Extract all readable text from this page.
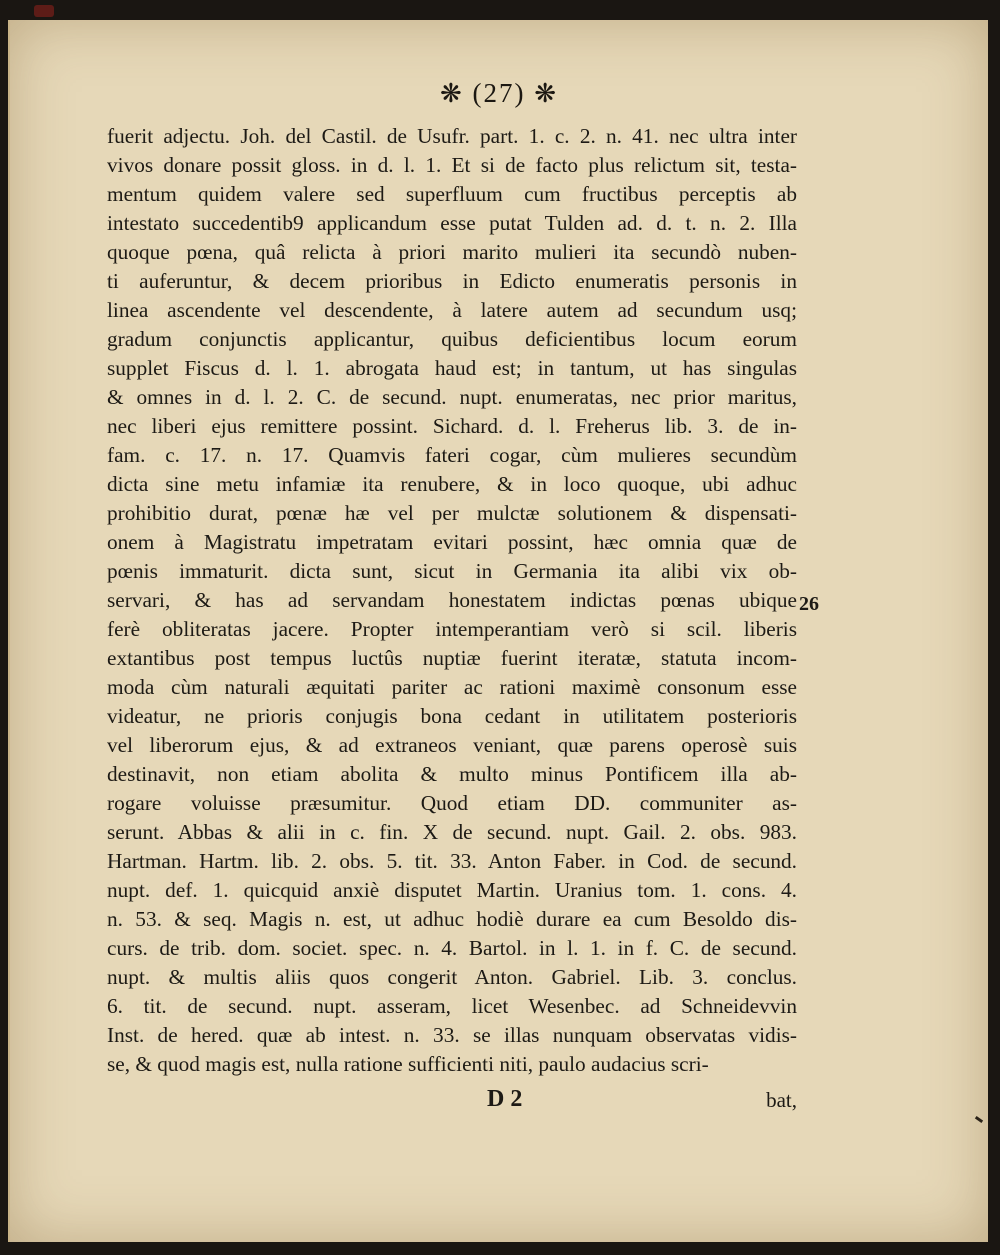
❋ (27) ❋
fuerit adjectu. Joh. del Castil. de Usufr. part. 1. c. 2. n. 41. nec ultra inter
vivos donare possit gloss. in d. l. 1. Et si de facto plus relictum sit, testa-
mentum quidem valere sed superfluum cum fructibus perceptis ab
intestato succedentib9 applicandum esse putat Tulden ad. d. t. n. 2. Illa
quoque pœna, quâ relicta à priori marito mulieri ita secundò nuben-
ti auferuntur, & decem prioribus in Edicto enumeratis personis in
linea ascendente vel descendente, à latere autem ad secundum usq;
gradum conjunctis applicantur, quibus deficientibus locum eorum
supplet Fiscus d. l. 1. abrogata haud est; in tantum, ut has singulas
& omnes in d. l. 2. C. de secund. nupt. enumeratas, nec prior maritus,
nec liberi ejus remittere possint. Sichard. d. l. Freherus lib. 3. de in-
fam. c. 17. n. 17. Quamvis fateri cogar, cùm mulieres secundùm
dicta sine metu infamiæ ita renubere, & in loco quoque, ubi adhuc
prohibitio durat, pœnæ hæ vel per mulctæ solutionem & dispensati-
onem à Magistratu impetratam evitari possint, hæc omnia quæ de
pœnis immaturit. dicta sunt, sicut in Germania ita alibi vix ob-
servari, & has ad servandam honestatem indictas pœnas ubique
ferè obliteratas jacere. Propter intemperantiam verò si scil. liberis
extantibus post tempus luctûs nuptiæ fuerint iteratæ, statuta incom-
moda cùm naturali æquitati pariter ac rationi maximè consonum esse
videatur, ne prioris conjugis bona cedant in utilitatem posterioris
vel liberorum ejus, & ad extraneos veniant, quæ parens operosè suis
destinavit, non etiam abolita & multo minus Pontificem illa ab-
rogare voluisse præsumitur. Quod etiam DD. communiter as-
serunt. Abbas & alii in c. fin. X de secund. nupt. Gail. 2. obs. 983.
Hartman. Hartm. lib. 2. obs. 5. tit. 33. Anton Faber. in Cod. de secund.
nupt. def. 1. quicquid anxiè disputet Martin. Uranius tom. 1. cons. 4.
n. 53. & seq. Magis n. est, ut adhuc hodiè durare ea cum Besoldo dis-
curs. de trib. dom. societ. spec. n. 4. Bartol. in l. 1. in f. C. de secund.
nupt. & multis aliis quos congerit Anton. Gabriel. Lib. 3. conclus.
6. tit. de secund. nupt. asseram, licet Wesenbec. ad Schneidevvin
Inst. de hered. quæ ab intest. n. 33. se illas nunquam observatas vidis-
se, & quod magis est, nulla ratione sufficienti niti, paulo audacius scri-
26
D 2	bat,
